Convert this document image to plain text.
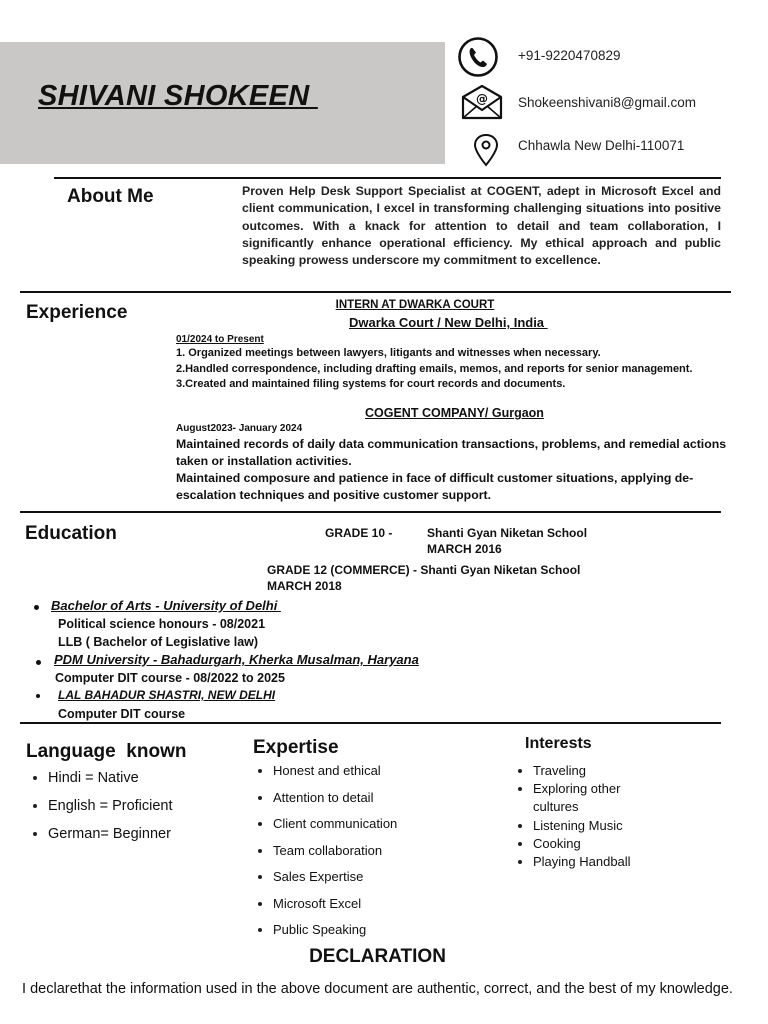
SHIVANI SHOKEEN
+91-9220470829
@ Shokeenshivani8@gmail.com
Chhawla New Delhi-110071
About Me	Proven Help Desk Support Specialist at COGENT, adept in Microsoft Excel and client communication, I excel in transforming challenging situations into positive outcomes. With a knack for attention to detail and team collaboration, I significantly enhance operational efficiency. My ethical approach and public speaking prowess underscore my commitment to excellence.
Experience	INTERN AT DWARKA COURT
Dwarka Court / New Delhi, India
01/2024 to Present
1. Organized meetings between lawyers, litigants and witnesses when necessary.
2.Handled correspondence, including drafting emails, memos, and reports for senior management.
3.Created and maintained filing systems for court records and documents.
COGENT COMPANY/ Gurgaon
August2023- January 2024
Maintained records of daily data communication transactions, problems, and remedial actions taken or installation activities.
Maintained composure and patience in face of difficult customer situations, applying de-escalation techniques and positive customer support.
Education	GRADE 10 -	Shanti Gyan Niketan School
MARCH 2016
GRADE 12 (COMMERCE) - Shanti Gyan Niketan School
MARCH 2018
Bachelor of Arts - University of Delhi
Political science honours - 08/2021
LLB ( Bachelor of Legislative law)
PDM University - Bahadurgarh, Kherka Musalman, Haryana
Computer DIT course - 08/2022 to 2025
LAL BAHADUR SHASTRI, NEW DELHI
Computer DIT course
Language  known
Hindi = Native
English = Proficient
German= Beginner
Expertise
Honest and ethical
Attention to detail
Client communication
Team collaboration
Sales Expertise
Microsoft Excel
Public Speaking
Interests
Traveling
Exploring other cultures
Listening Music
Cooking
Playing Handball
DECLARATION
I declarethat the information used in the above document are authentic, correct, and the best of my knowledge.
